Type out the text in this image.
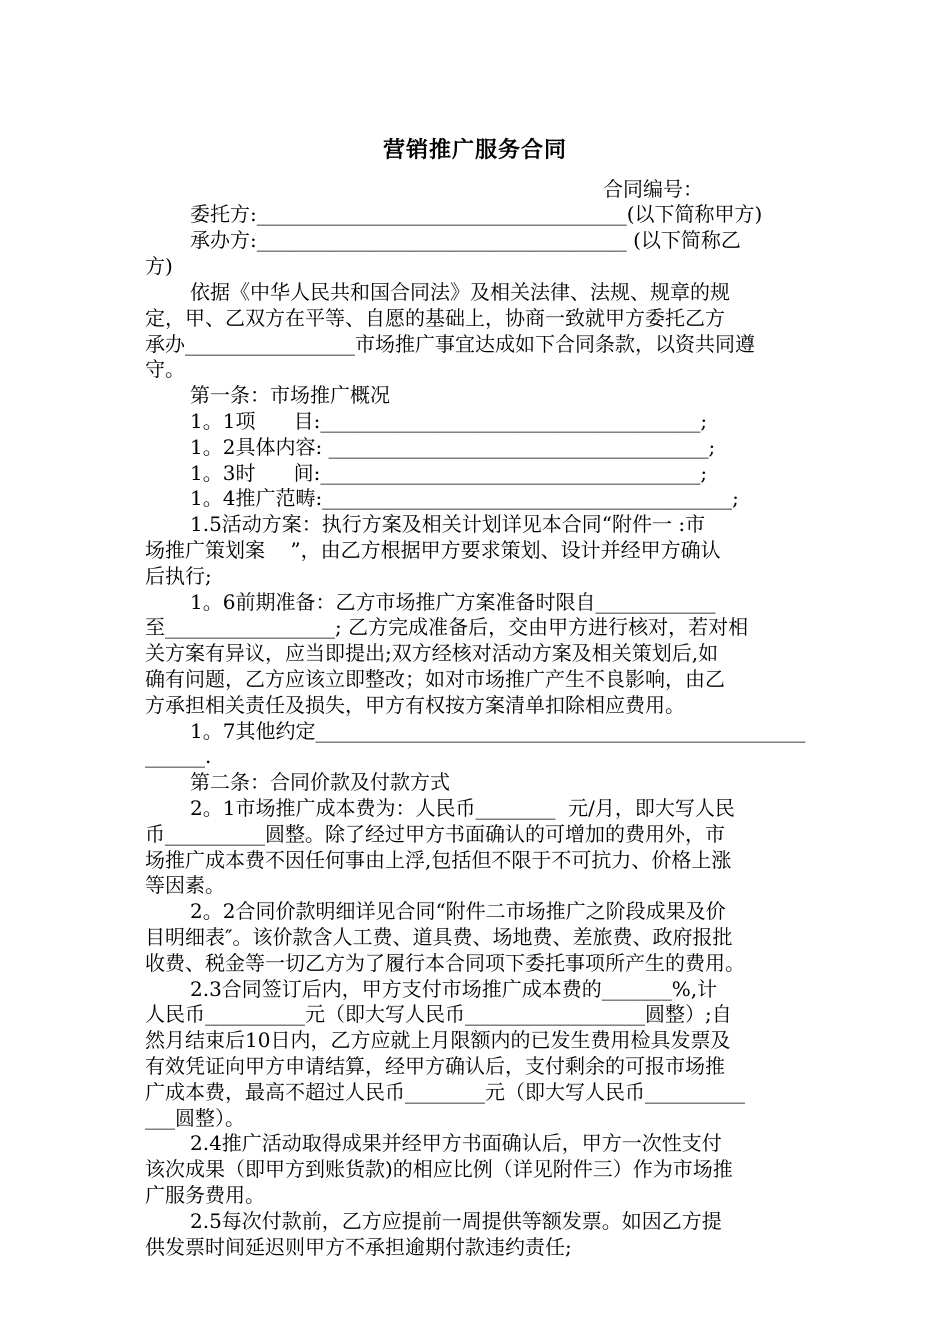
营销推广服务合同
合同编号：
委托方:_____________________________________(以下简称甲方)
承办方:_____________________________________ (以下简称乙
方)
依据《中华人民共和国合同法》及相关法律、法规、规章的规
定，甲、乙双方在平等、自愿的基础上，协商一致就甲方委托乙方
承办_________________市场推广事宜达成如下合同条款，以资共同遵
守。
第一条：市场推广概况
1。1项      目:______________________________________;
1。2具体内容: ______________________________________;
1。3时      间:______________________________________;
1。4推广范畴:_________________________________________;
1.5活动方案：执行方案及相关计划详见本合同“附件一 :市
场推广策划案    ”，由乙方根据甲方要求策划、设计并经甲方确认
后执行;
1。6前期准备：乙方市场推广方案准备时限自____________
至_________________; 乙方完成准备后，交由甲方进行核对，若对相
关方案有异议，应当即提出;双方经核对活动方案及相关策划后,如
确有问题，乙方应该立即整改；如对市场推广产生不良影响，由乙
方承担相关责任及损失，甲方有权按方案清单扣除相应费用。
1。7其他约定_________________________________________________
______.
第二条：合同价款及付款方式
2。1市场推广成本费为：人民币________  元/月，即大写人民
币__________圆整。除了经过甲方书面确认的可增加的费用外，市
场推广成本费不因任何事由上浮,包括但不限于不可抗力、价格上涨
等因素。
2。2合同价款明细详见合同“附件二市场推广之阶段成果及价
目明细表″。该价款含人工费、道具费、场地费、差旅费、政府报批
收费、税金等一切乙方为了履行本合同项下委托事项所产生的费用。
2.3合同签订后内，甲方支付市场推广成本费的_______%,计
人民币__________元（即大写人民币__________________圆整）;自
然月结束后10日内，乙方应就上月限额内的已发生费用检具发票及
有效凭证向甲方申请结算，经甲方确认后，支付剩余的可报市场推
广成本费，最高不超过人民币________元（即大写人民币__________
___圆整）。
2.4推广活动取得成果并经甲方书面确认后，甲方一次性支付
该次成果（即甲方到账货款)的相应比例（详见附件三）作为市场推
广服务费用。
2.5每次付款前，乙方应提前一周提供等额发票。如因乙方提
供发票时间延迟则甲方不承担逾期付款违约责任;
